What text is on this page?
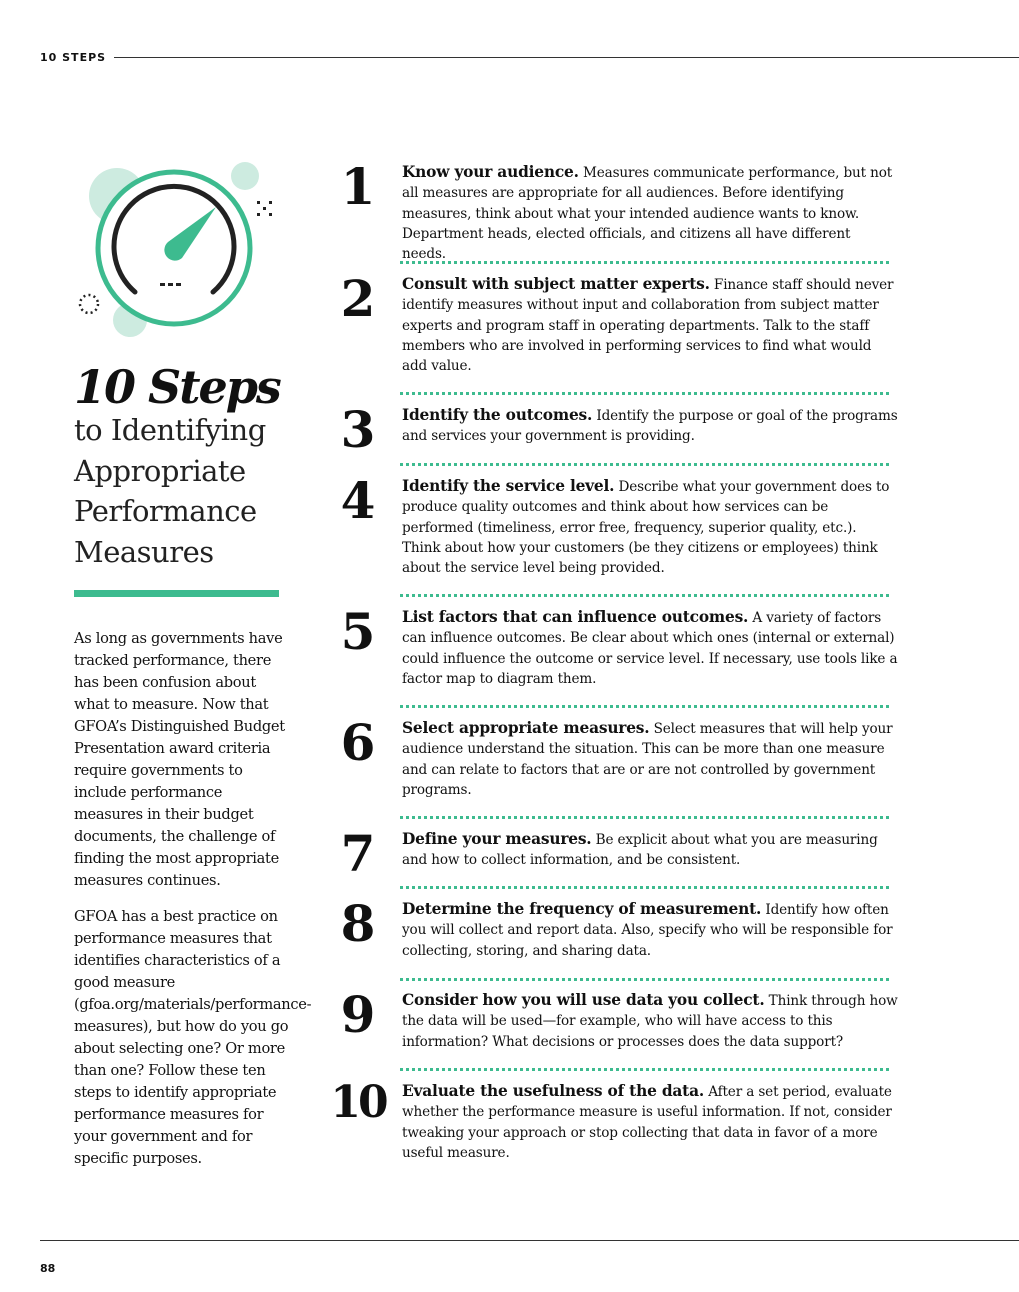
10 STEPS
10 Steps
to Identifying
Appropriate
Performance
Measures

As long as governments have tracked performance, there has been confusion about what to measure. Now that GFOA’s Distinguished Budget Presentation award criteria require governments to include performance measures in their budget documents, the challenge of finding the most appropriate measures continues.

GFOA has a best practice on performance measures that identifies characteristics of a good measure (gfoa.org/materials/performance-measures), but how do you go about selecting one? Or more than one? Follow these ten steps to identify appropriate performance measures for your government and for specific purposes.

1	Know your audience. Measures communicate performance, but not all measures are appropriate for all audiences. Before identifying measures, think about what your intended audience wants to know. Department heads, elected officials, and citizens all have different needs.
2	Consult with subject matter experts. Finance staff should never identify measures without input and collaboration from subject matter experts and program staff in operating departments. Talk to the staff members who are involved in performing services to find what would add value.
3	Identify the outcomes. Identify the purpose or goal of the programs and services your government is providing.
4	Identify the service level. Describe what your government does to produce quality outcomes and think about how services can be performed (timeliness, error free, frequency, superior quality, etc.). Think about how your customers (be they citizens or employees) think about the service level being provided.
5	List factors that can influence outcomes. A variety of factors can influence outcomes. Be clear about which ones (internal or external) could influence the outcome or service level. If necessary, use tools like a factor map to diagram them.
6	Select appropriate measures. Select measures that will help your audience understand the situation. This can be more than one measure and can relate to factors that are or are not controlled by government programs.
7	Define your measures. Be explicit about what you are measuring and how to collect information, and be consistent.
8	Determine the frequency of measurement. Identify how often you will collect and report data. Also, specify who will be responsible for collecting, storing, and sharing data.
9	Consider how you will use data you collect. Think through how the data will be used—for example, who will have access to this information? What decisions or processes does the data support?
10	Evaluate the usefulness of the data. After a set period, evaluate whether the performance measure is useful information. If not, consider tweaking your approach or stop collecting that data in favor of a more useful measure.
88
